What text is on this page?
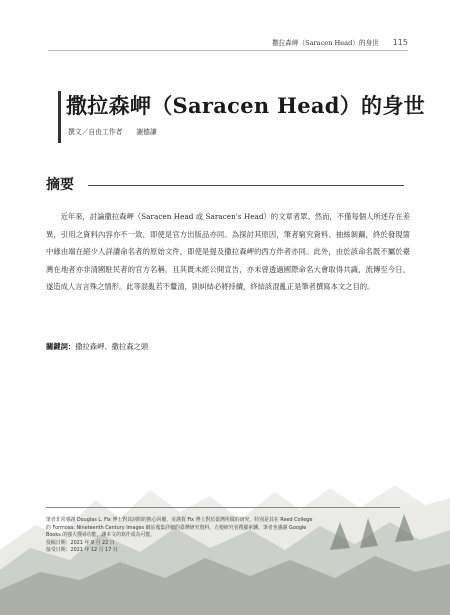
撒拉森岬（Saracen Head）的身世 115
撒拉森岬（Saracen Head）的身世
撰文／自由工作者 謝德謙
摘要

近年來，討論撒拉森岬（Saracen Head 或 Saracen's Head）的文章者眾。然而，不僅每個人所述存在差異，引用之資料內容亦不一致，即使是官方出版品亦同。為探討其原因，筆者窮究資料、抽絲剝繭，終於發現箇中緣由端在絕少人詳讀命名者的原始文件，即使是提及撒拉森岬的西方作者亦同。此外，由於該命名既不屬於臺灣在地者亦非清國駐民者的官方名稱，且其既未經公開宣告，亦未曾透過國際命名大會取得共識，流傳至今日，遂造成人言言殊之情形。此等混亂若不釐清，則糾結必將持續，終結該混亂正是筆者撰寫本文之目的。

關鍵詞：撒拉森岬、撒拉森之頭
筆者非常感謝 Douglas L. Fix 博士對其詞問的熱心回覆，並謹賀 Fix 博士對於臺灣所做的研究，特別是其在 Reed College
的 Formosa: Nineteenth Century Images 網站蒐集詳細的臺灣研究資料，方便研究者搜羅索驥。筆者也感謝 Google
Books 的強大搜尋功能，讓本文的寫作成為可能。
投稿日期：2021 年 9 月 22 日
接受日期：2021 年 12 月 17 日
